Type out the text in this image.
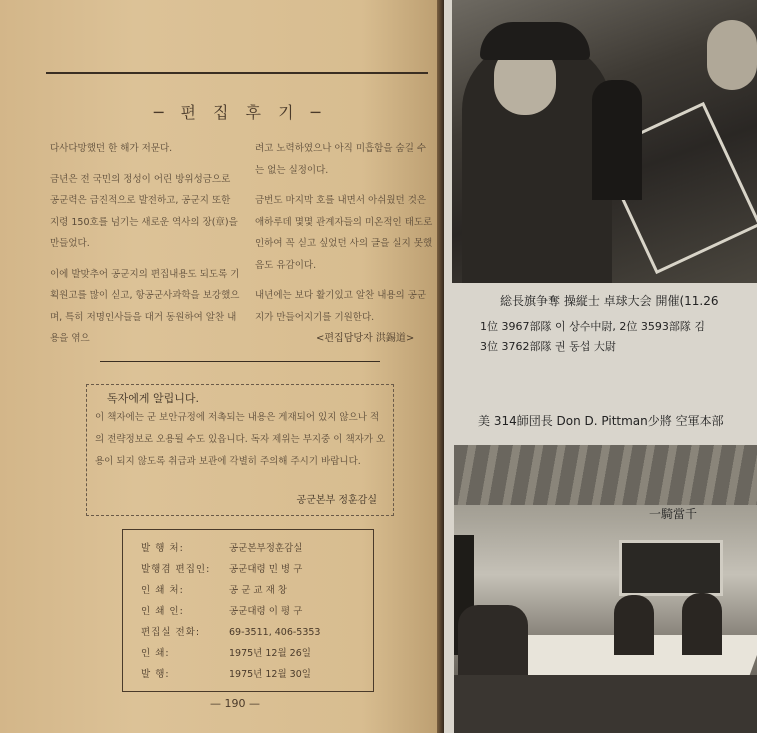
─ 편 집 후 기 ─

다사다망했던 한 해가 저문다.

금년은 전 국민의 정성이 어린 방위성금으로 공군력은 급진적으로 발전하고, 공군지 또한 지령 150호를 넘기는 새로운 역사의 장(章)을 만들었다.

이에 발맞추어 공군지의 편집내용도 되도록 기획원고를 많이 싣고, 항공군사과학을 보강했으며, 특히 저명인사들을 대거 동원하여 알찬 내용을 엮으

려고 노력하였으나 아직 미흡함을 숨길 수는 없는 실정이다.

금번도 마지막 호를 내면서 아쉬웠던 것은 애하루데 몇몇 관계자들의 미온적인 태도로 인하여 꼭 싣고 싶었던 사의 글을 실지 못했음도 유감이다.

내년에는 보다 활기있고 알찬 내용의 공군지가 만들어지기를 기원한다.

<편집담당자 洪錫道>
독자에게 알립니다.
이 책자에는 군 보안규정에 저촉되는 내용은 게재되어 있지 않으나 적의 전략정보로 오용될 수도 있읍니다. 독자 제위는 부지중 이 책자가 오용이 되지 않도록 취급과 보관에 각별히 주의해 주시기 바랍니다.
공군본부 정훈감실
발 행 처:	공군본부정훈감실
발행겸 편집인: 공군대령 민 병 구
인 쇄 처:	공 군 교 재 창
인 쇄 인:	공군대령 이 평 구
편집실 전화:	69-3511, 406-5353
인 쇄:	1975년 12월 26일
발 행:	1975년 12월 30일
— 190 —
総長旗争奪 操縦士 卓球大会 開催(11.26
1位 3967部隊 이 상수中尉, 2位 3593部隊 김
3位 3762部隊 권 동섭 大尉
美 314師団長 Don D. Pittman少將 空軍本部
一騎當千
